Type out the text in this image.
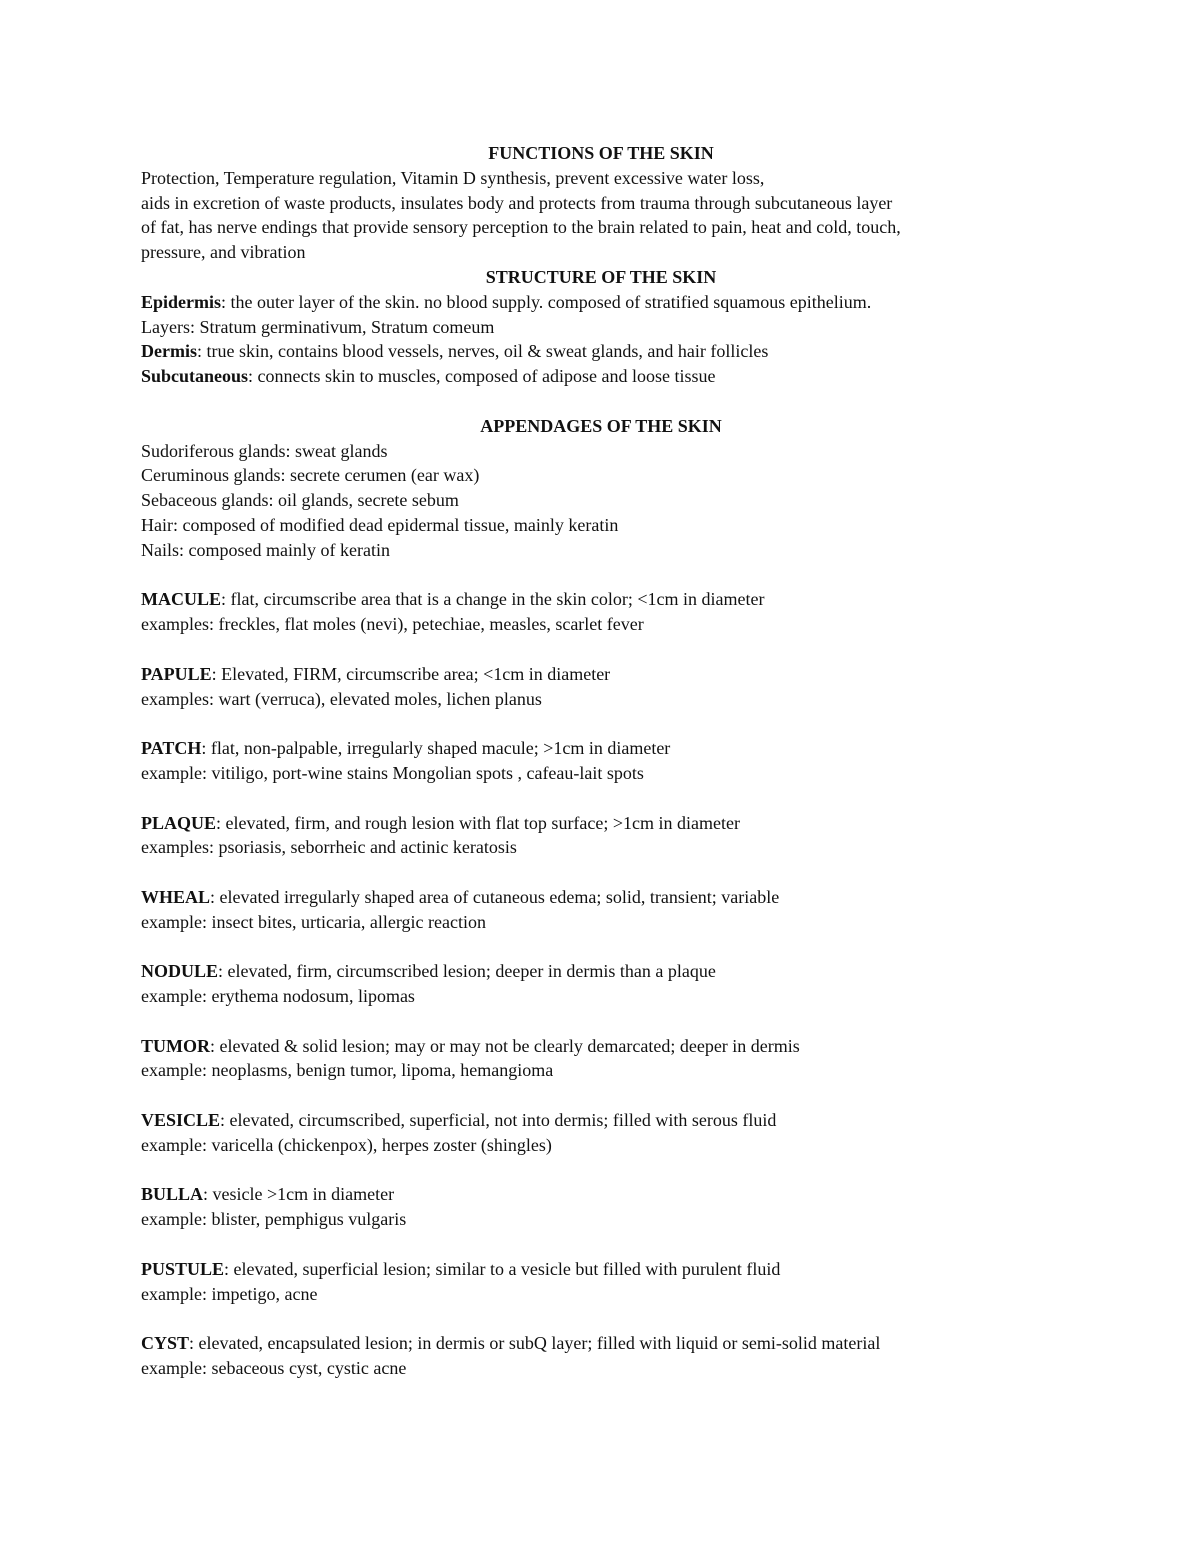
FUNCTIONS OF THE SKIN

Protection, Temperature regulation, Vitamin D synthesis, prevent excessive water loss,

aids in excretion of waste products, insulates body and protects from trauma through subcutaneous layer

of fat, has nerve endings that provide sensory perception to the brain related to pain, heat and cold, touch,

pressure, and vibration

STRUCTURE OF THE SKIN

Epidermis: the outer layer of the skin. no blood supply. composed of stratified squamous epithelium.

Layers: Stratum germinativum, Stratum comeum

Dermis: true skin, contains blood vessels, nerves, oil & sweat glands, and hair follicles

Subcutaneous: connects skin to muscles, composed of adipose and loose tissue

APPENDAGES OF THE SKIN

Sudoriferous glands: sweat glands

Ceruminous glands: secrete cerumen (ear wax)

Sebaceous glands: oil glands, secrete sebum

Hair: composed of modified dead epidermal tissue, mainly keratin

Nails: composed mainly of keratin

MACULE: flat, circumscribe area that is a change in the skin color; <1cm in diameter

examples: freckles, flat moles (nevi), petechiae, measles, scarlet fever

PAPULE: Elevated, FIRM, circumscribe area; <1cm in diameter

examples: wart (verruca), elevated moles, lichen planus

PATCH: flat, non-palpable, irregularly shaped macule; >1cm in diameter

example: vitiligo, port-wine stains Mongolian spots , cafeau-lait spots

PLAQUE: elevated, firm, and rough lesion with flat top surface; >1cm in diameter

examples: psoriasis, seborrheic and actinic keratosis

WHEAL: elevated irregularly shaped area of cutaneous edema; solid, transient; variable

example: insect bites, urticaria, allergic reaction

NODULE: elevated, firm, circumscribed lesion; deeper in dermis than a plaque

example: erythema nodosum, lipomas

TUMOR: elevated & solid lesion; may or may not be clearly demarcated; deeper in dermis

example: neoplasms, benign tumor, lipoma, hemangioma

VESICLE: elevated, circumscribed, superficial, not into dermis; filled with serous fluid

example: varicella (chickenpox), herpes zoster (shingles)

BULLA: vesicle >1cm in diameter

example: blister, pemphigus vulgaris

PUSTULE: elevated, superficial lesion; similar to a vesicle but filled with purulent fluid

example: impetigo, acne

CYST: elevated, encapsulated lesion; in dermis or subQ layer; filled with liquid or semi-solid material

example: sebaceous cyst, cystic acne
